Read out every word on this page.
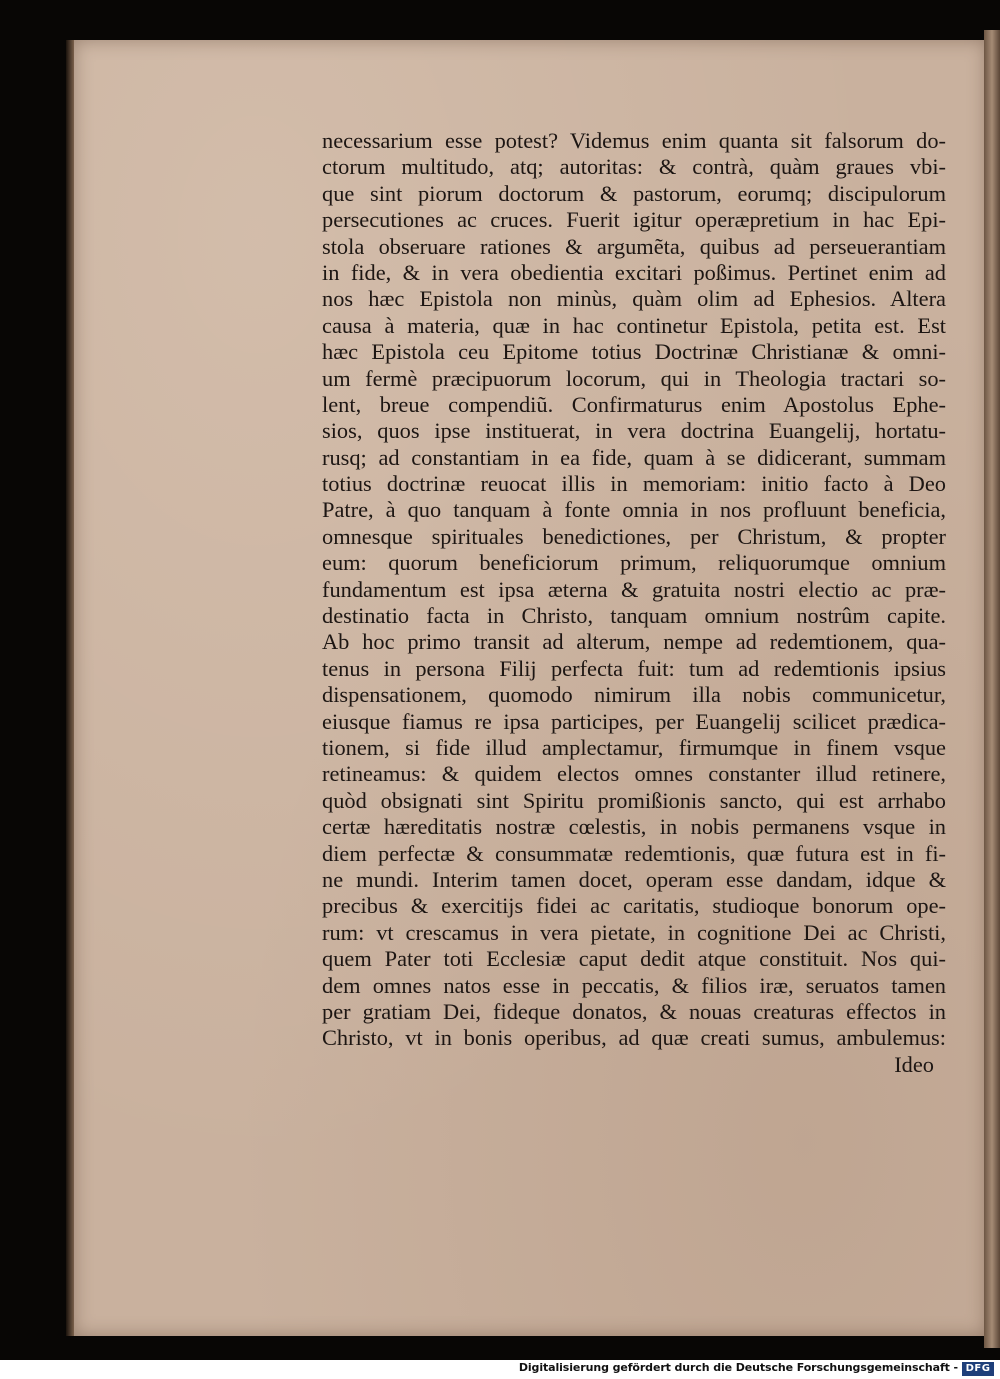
necessarium esse potest? Videmus enim quanta sit falsorum do-
ctorum multitudo, atq; autoritas: & contrà, quàm graues vbi-
que sint piorum doctorum & pastorum, eorumq; discipulorum
persecutiones ac cruces. Fuerit igitur operæpretium in hac Epi-
stola obseruare rationes & argumẽta, quibus ad perseuerantiam
in fide, & in vera obedientia excitari poßimus. Pertinet enim ad
nos hæc Epistola non minùs, quàm olim ad Ephesios. Altera
causa à materia, quæ in hac continetur Epistola, petita est. Est
hæc Epistola ceu Epitome totius Doctrinæ Christianæ & omni-
um fermè præcipuorum locorum, qui in Theologia tractari so-
lent, breue compendiũ. Confirmaturus enim Apostolus Ephe-
sios, quos ipse instituerat, in vera doctrina Euangelij, hortatu-
rusq; ad constantiam in ea fide, quam à se didicerant, summam
totius doctrinæ reuocat illis in memoriam: initio facto à Deo
Patre, à quo tanquam à fonte omnia in nos profluunt beneficia,
omnesque spirituales benedictiones, per Christum, & propter
eum: quorum beneficiorum primum, reliquorumque omnium
fundamentum est ipsa æterna & gratuita nostri electio ac præ-
destinatio facta in Christo, tanquam omnium nostrûm capite.
Ab hoc primo transit ad alterum, nempe ad redemtionem, qua-
tenus in persona Filij perfecta fuit: tum ad redemtionis ipsius
dispensationem, quomodo nimirum illa nobis communicetur,
eiusque fiamus re ipsa participes, per Euangelij scilicet prædica-
tionem, si fide illud amplectamur, firmumque in finem vsque
retineamus: & quidem electos omnes constanter illud retinere,
quòd obsignati sint Spiritu promißionis sancto, qui est arrhabo
certæ hæreditatis nostræ cœlestis, in nobis permanens vsque in
diem perfectæ & consummatæ redemtionis, quæ futura est in fi-
ne mundi. Interim tamen docet, operam esse dandam, idque &
precibus & exercitijs fidei ac caritatis, studioque bonorum ope-
rum: vt crescamus in vera pietate, in cognitione Dei ac Christi,
quem Pater toti Ecclesiæ caput dedit atque constituit. Nos qui-
dem omnes natos esse in peccatis, & filios iræ, seruatos tamen
per gratiam Dei, fideque donatos, & nouas creaturas effectos in
Christo, vt in bonis operibus, ad quæ creati sumus, ambulemus:
Ideo
Digitalisierung gefördert durch die Deutsche Forschungsgemeinschaft - DFG
